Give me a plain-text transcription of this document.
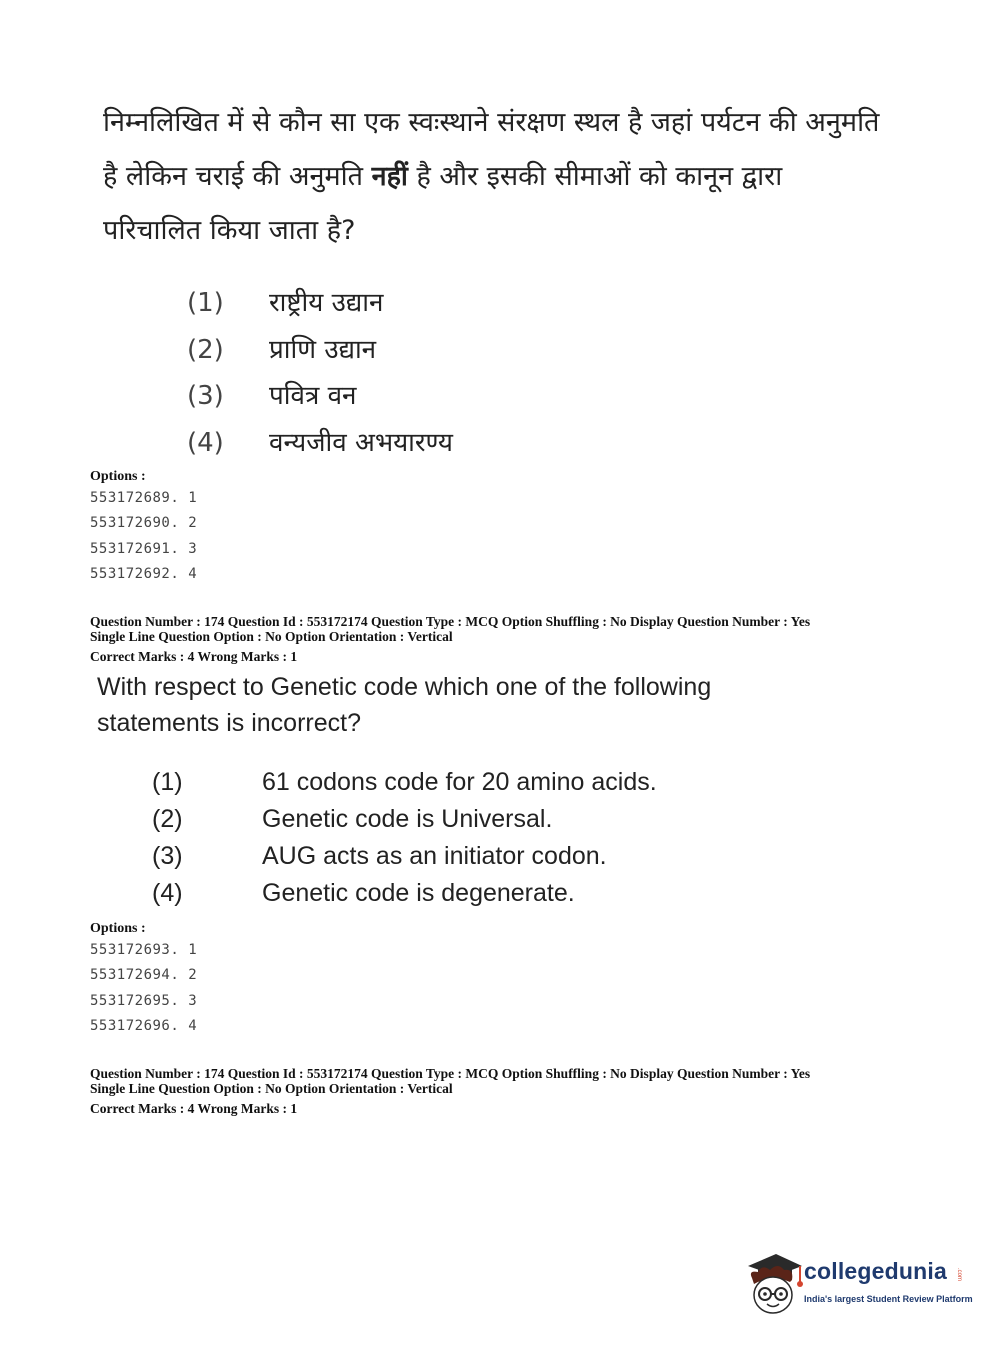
निम्नलिखित में से कौन सा एक स्वःस्थाने संरक्षण स्थल है जहां पर्यटन की अनुमति है लेकिन चराई की अनुमति नहीं है और इसकी सीमाओं को कानून द्वारा परिचालित किया जाता है?
(1) राष्ट्रीय उद्यान
(2) प्राणि उद्यान
(3) पवित्र वन
(4) वन्यजीव अभयारण्य
Options :
553172689. 1
553172690. 2
553172691. 3
553172692. 4
Question Number : 174 Question Id : 553172174 Question Type : MCQ Option Shuffling : No Display Question Number : Yes
Single Line Question Option : No Option Orientation : Vertical
Correct Marks : 4 Wrong Marks : 1
With respect to Genetic code which one of the following statements is incorrect?
(1)	61 codons code for 20 amino acids.
(2)	Genetic code is Universal.
(3)	AUG acts as an initiator codon.
(4)	Genetic code is degenerate.
Options :
553172693. 1
553172694. 2
553172695. 3
553172696. 4
Question Number : 174 Question Id : 553172174 Question Type : MCQ Option Shuffling : No Display Question Number : Yes
Single Line Question Option : No Option Orientation : Vertical
Correct Marks : 4 Wrong Marks : 1
collegedunia .com
India's largest Student Review Platform
